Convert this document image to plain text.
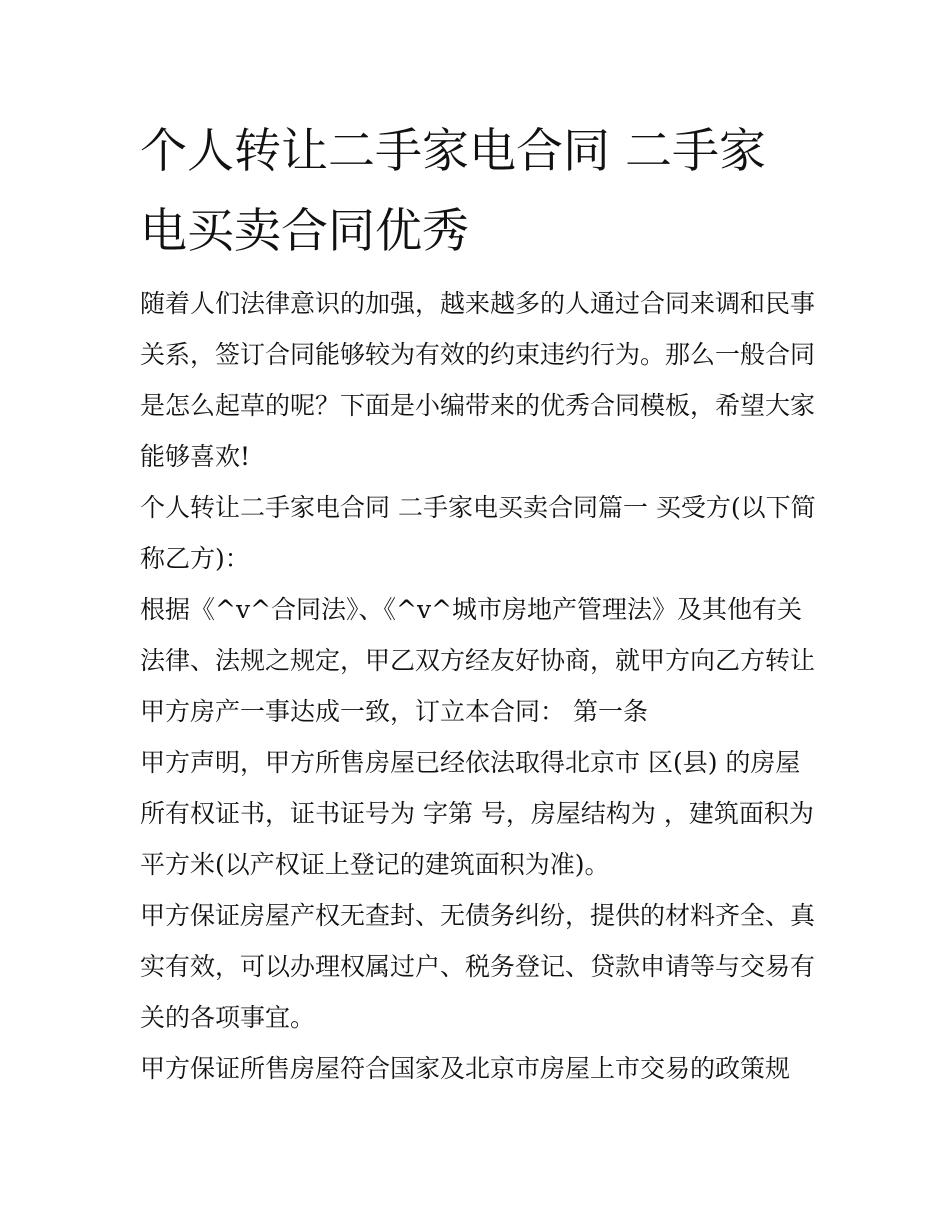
个人转让二手家电合同 二手家
电买卖合同优秀
随着人们法律意识的加强，越来越多的人通过合同来调和民事
关系，签订合同能够较为有效的约束违约行为。那么一般合同
是怎么起草的呢？下面是小编带来的优秀合同模板，希望大家
能够喜欢!
个人转让二手家电合同 二手家电买卖合同篇一 买受方(以下简
称乙方)：
根据《^v^合同法》、《^v^城市房地产管理法》及其他有关
法律、法规之规定，甲乙双方经友好协商，就甲方向乙方转让
甲方房产一事达成一致，订立本合同： 第一条
甲方声明，甲方所售房屋已经依法取得北京市 区(县) 的房屋
所有权证书，证书证号为 字第 号，房屋结构为 ，建筑面积为
平方米(以产权证上登记的建筑面积为准)。
甲方保证房屋产权无查封、无债务纠纷，提供的材料齐全、真
实有效，可以办理权属过户、税务登记、贷款申请等与交易有
关的各项事宜。
甲方保证所售房屋符合国家及北京市房屋上市交易的政策规
